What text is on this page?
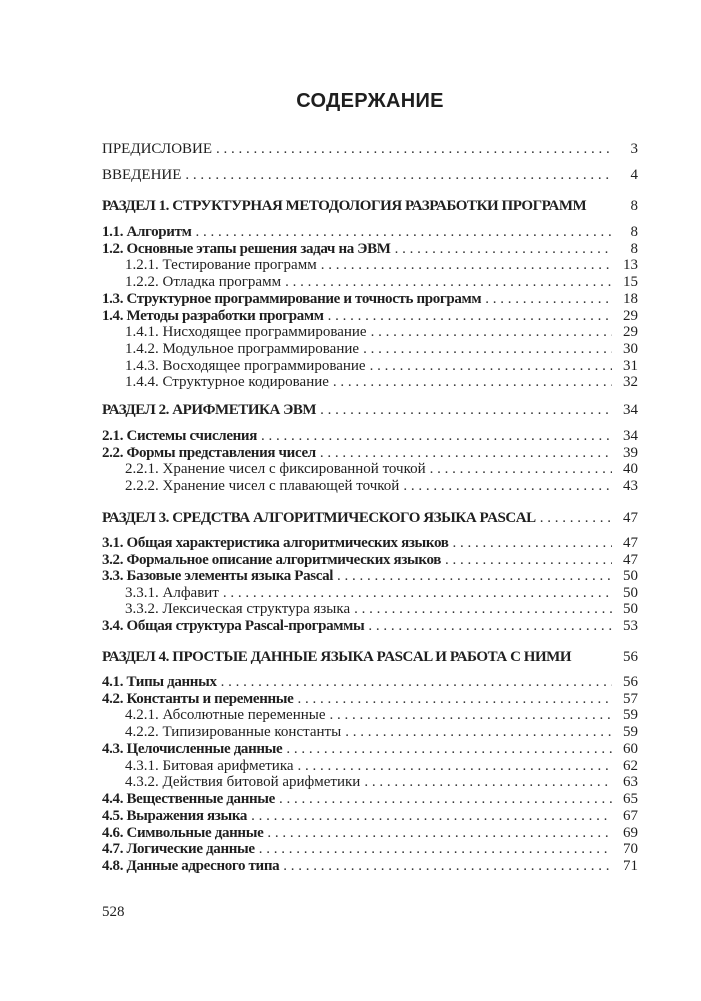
СОДЕРЖАНИЕ
ПРЕДИСЛОВИЕ . . .	3
ВВЕДЕНИЕ . . .	4
РАЗДЕЛ 1. СТРУКТУРНАЯ МЕТОДОЛОГИЯ РАЗРАБОТКИ ПРОГРАММ	8
1.1. Алгоритм . . .	8
1.2. Основные этапы решения задач на ЭВМ . . .	8
1.2.1. Тестирование программ . . .	13
1.2.2. Отладка программ . . .	15
1.3. Структурное программирование и точность программ . . .	18
1.4. Методы разработки программ . . .	29
1.4.1. Нисходящее программирование . . .	29
1.4.2. Модульное программирование . . .	30
1.4.3. Восходящее программирование . . .	31
1.4.4. Структурное кодирование . . .	32
РАЗДЕЛ 2. АРИФМЕТИКА ЭВМ . . .	34
2.1. Системы счисления . . .	34
2.2. Формы представления чисел . . .	39
2.2.1. Хранение чисел с фиксированной точкой . . .	40
2.2.2. Хранение чисел с плавающей точкой . . .	43
РАЗДЕЛ 3. СРЕДСТВА АЛГОРИТМИЧЕСКОГО ЯЗЫКА PASCAL . . .	47
3.1. Общая характеристика алгоритмических языков . . .	47
3.2. Формальное описание алгоритмических языков . . .	47
3.3. Базовые элементы языка Pascal . . .	50
3.3.1. Алфавит . . .	50
3.3.2. Лексическая структура языка . . .	50
3.4. Общая структура Pascal-программы . . .	53
РАЗДЕЛ 4. ПРОСТЫЕ ДАННЫЕ ЯЗЫКА PASCAL И РАБОТА С НИМИ	56
4.1. Типы данных . . .	56
4.2. Константы и переменные . . .	57
4.2.1. Абсолютные переменные . . .	59
4.2.2. Типизированные константы . . .	59
4.3. Целочисленные данные . . .	60
4.3.1. Битовая арифметика . . .	62
4.3.2. Действия битовой арифметики . . .	63
4.4. Вещественные данные . . .	65
4.5. Выражения языка . . .	67
4.6. Символьные данные . . .	69
4.7. Логические данные . . .	70
4.8. Данные адресного типа . . .	71
528
